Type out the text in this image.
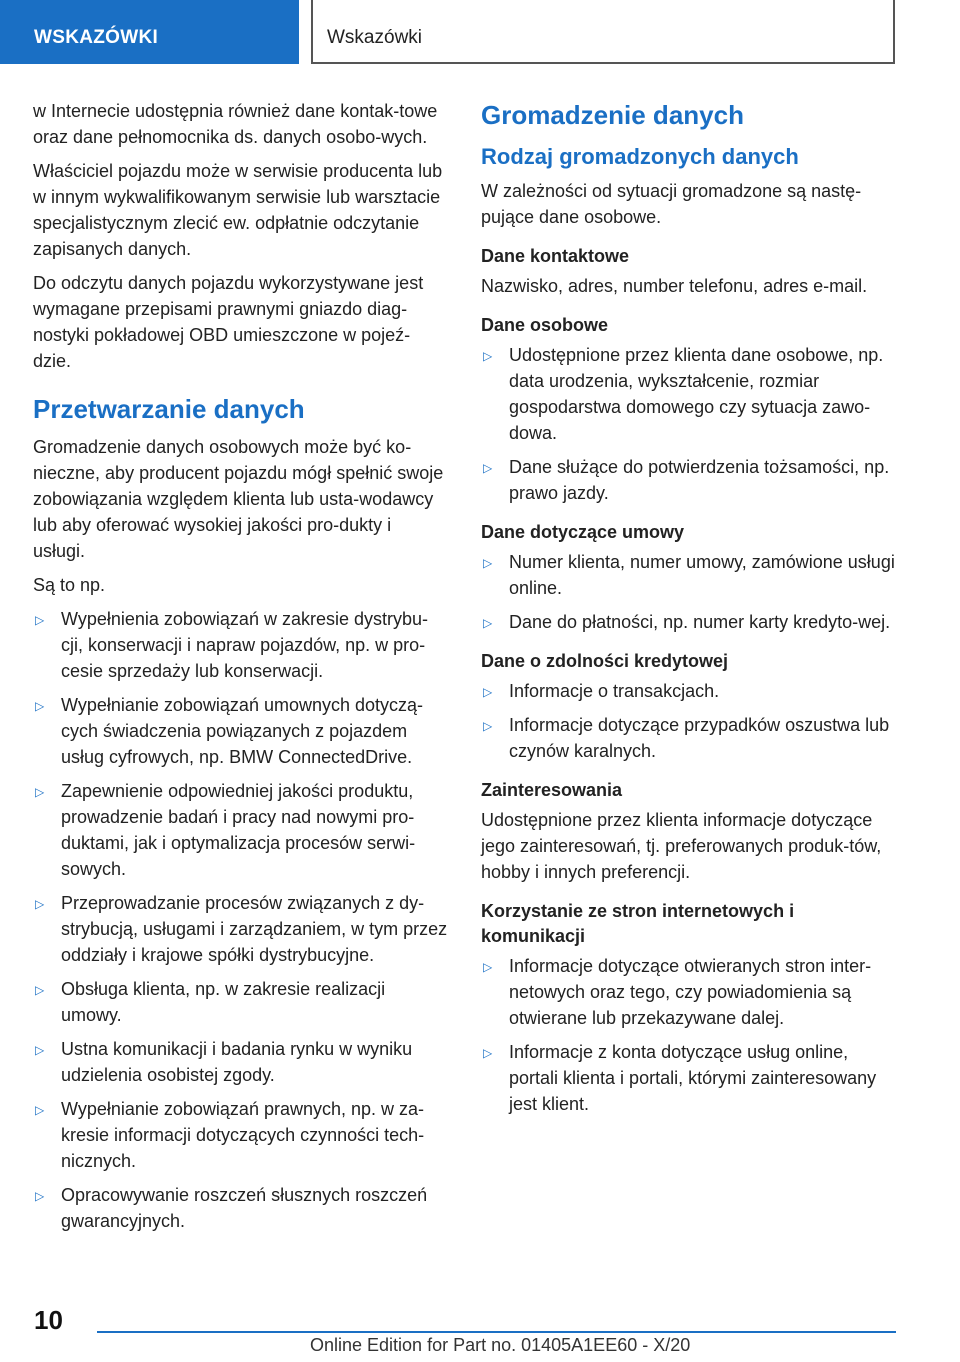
WSKAZÓWKI	Wskazówki

w Internecie udostępnia również dane kontak-towe oraz dane pełnomocnika ds. danych osobo-wych.

Właściciel pojazdu może w serwisie producenta lub w innym wykwalifikowanym serwisie lub warsztacie specjalistycznym zlecić ew. odpłatnie odczytanie zapisanych danych.

Do odczytu danych pojazdu wykorzystywane jest wymagane przepisami prawnymi gniazdo diag-nostyki pokładowej OBD umieszczone w pojeź-dzie.

Przetwarzanie danych

Gromadzenie danych osobowych może być ko-nieczne, aby producent pojazdu mógł spełnić swoje zobowiązania względem klienta lub usta-wodawcy lub aby oferować wysokiej jakości pro-dukty i usługi.

Są to np.

▷ Wypełnienia zobowiązań w zakresie dystrybu-cji, konserwacji i napraw pojazdów, np. w pro-cesie sprzedaży lub konserwacji.
▷ Wypełnianie zobowiązań umownych dotyczą-cych świadczenia powiązanych z pojazdem usług cyfrowych, np. BMW ConnectedDrive.
▷ Zapewnienie odpowiedniej jakości produktu, prowadzenie badań i pracy nad nowymi pro-duktami, jak i optymalizacja procesów serwi-sowych.
▷ Przeprowadzanie procesów związanych z dy-strybucją, usługami i zarządzaniem, w tym przez oddziały i krajowe spółki dystrybucyjne.
▷ Obsługa klienta, np. w zakresie realizacji umowy.
▷ Ustna komunikacji i badania rynku w wyniku udzielenia osobistej zgody.
▷ Wypełnianie zobowiązań prawnych, np. w za-kresie informacji dotyczących czynności tech-nicznych.
▷ Opracowywanie roszczeń słusznych roszczeń gwarancyjnych.
Gromadzenie danych
Rodzaj gromadzonych danych

W zależności od sytuacji gromadzone są nastę-pujące dane osobowe.

Dane kontaktowe

Nazwisko, adres, number telefonu, adres e-mail.

Dane osobowe
▷ Udostępnione przez klienta dane osobowe, np. data urodzenia, wykształcenie, rozmiar gospodarstwa domowego czy sytuacja zawo-dowa.
▷ Dane służące do potwierdzenia tożsamości, np. prawo jazdy.
Dane dotyczące umowy
▷ Numer klienta, numer umowy, zamówione usługi online.
▷ Dane do płatności, np. numer karty kredyto-wej.
Dane o zdolności kredytowej
▷ Informacje o transakcjach.
▷ Informacje dotyczące przypadków oszustwa lub czynów karalnych.
Zainteresowania

Udostępnione przez klienta informacje dotyczące jego zainteresowań, tj. preferowanych produk-tów, hobby i innych preferencji.

Korzystanie ze stron internetowych i komunikacji
▷ Informacje dotyczące otwieranych stron inter-netowych oraz tego, czy powiadomienia są otwierane lub przekazywane dalej.
▷ Informacje z konta dotyczące usług online, portali klienta i portali, którymi zainteresowany jest klient.
10
Online Edition for Part no. 01405A1EE60 - X/20
